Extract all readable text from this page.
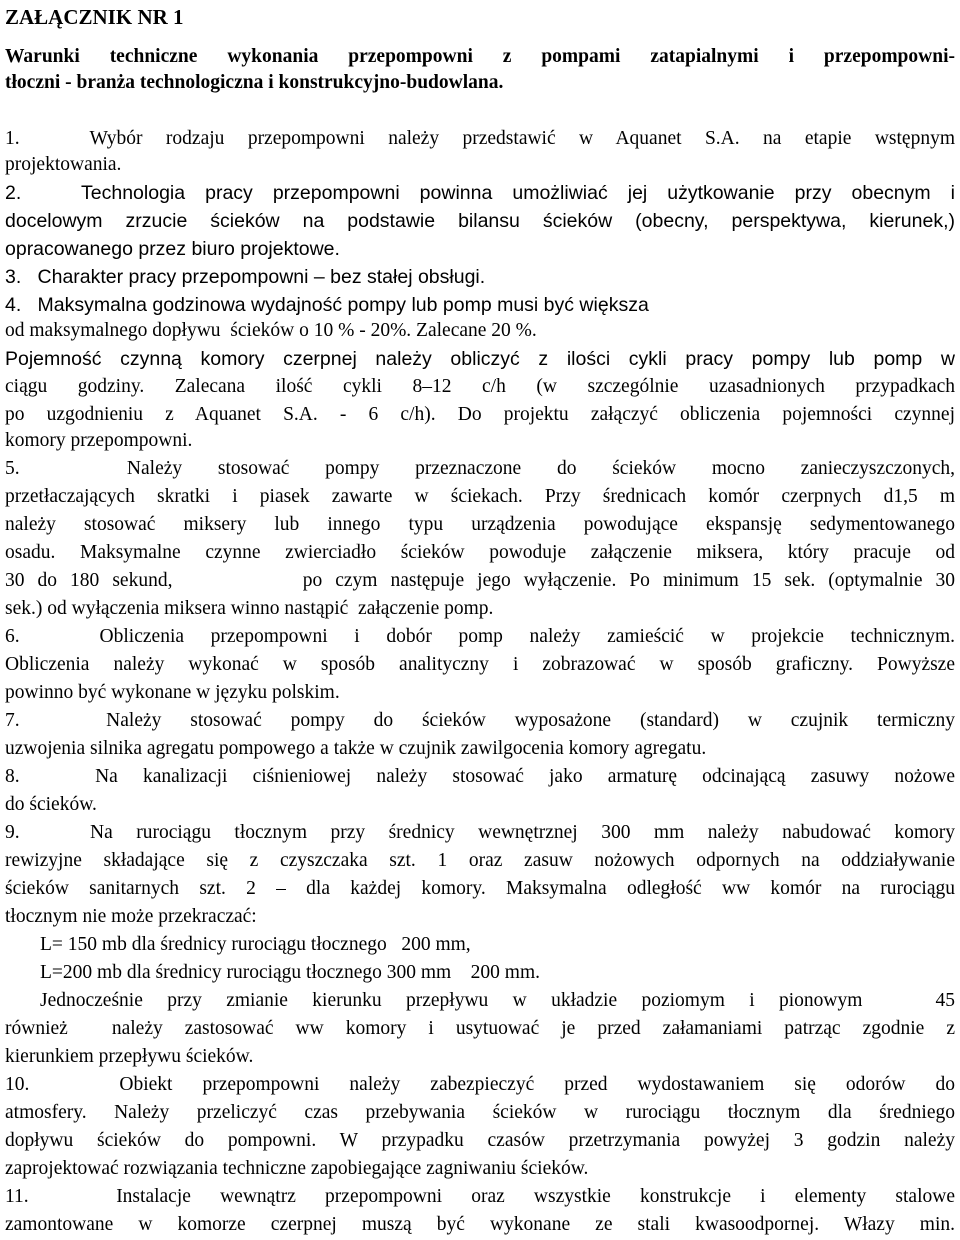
ZAŁĄCZNIK NR 1
Warunki techniczne wykonania przepompowni z pompami zatapialnymi i przepompowni-
tłoczni - branża technologiczna i konstrukcyjno-budowlana.
1.   Wybór rodzaju przepompowni należy przedstawić w Aquanet S.A. na etapie wstępnym
projektowania.
2.   Technologia pracy przepompowni powinna umożliwiać jej użytkowanie przy obecnym i
docelowym zrzucie ścieków na podstawie bilansu ścieków (obecny, perspektywa, kierunek,)
opracowanego przez biuro projektowe.
3.   Charakter pracy przepompowni – bez stałej obsługi.
4.   Maksymalna godzinowa wydajność pompy lub pomp musi być większa
od maksymalnego dopływu  ścieków o 10 % - 20%. Zalecane 20 %.
Pojemność czynną komory czerpnej należy obliczyć z ilości cykli pracy pompy lub pomp w
ciągu godziny. Zalecana ilość cykli 8–12 c/h (w szczególnie uzasadnionych przypadkach
po uzgodnieniu z Aquanet S.A. - 6 c/h). Do projektu załączyć obliczenia pojemności czynnej
komory przepompowni.
5.   Należy stosować pompy przeznaczone do ścieków mocno zanieczyszczonych,
przetłaczających skratki i piasek zawarte w ściekach. Przy średnicach komór czerpnych d1,5 m
należy stosować miksery lub innego typu urządzenia powodujące ekspansję sedymentowanego
osadu. Maksymalne czynne zwierciadło ścieków powoduje załączenie miksera, który pracuje od
30 do 180 sekund,          po czym następuje jego wyłączenie. Po minimum 15 sek. (optymalnie 30
sek.) od wyłączenia miksera winno nastąpić  załączenie pomp.
6.   Obliczenia przepompowni i dobór pomp należy zamieścić w projekcie technicznym.
Obliczenia należy wykonać w sposób analityczny i zobrazować w sposób graficzny. Powyższe
powinno być wykonane w języku polskim.
7.   Należy stosować pompy do ścieków wyposażone (standard) w czujnik termiczny
uzwojenia silnika agregatu pompowego a także w czujnik zawilgocenia komory agregatu.
8.   Na kanalizacji ciśnieniowej należy stosować jako armaturę odcinającą zasuwy nożowe
do ścieków.
9.   Na rurociągu tłocznym przy średnicy wewnętrznej 300 mm należy nabudować komory
rewizyjne składające się z czyszczaka szt. 1 oraz zasuw nożowych odpornych na oddziaływanie
ścieków sanitarnych szt. 2 – dla każdej komory. Maksymalna odległość ww komór na rurociągu
tłocznym nie może przekraczać:
L= 150 mb dla średnicy rurociągu tłocznego   200 mm,
L=200 mb dla średnicy rurociągu tłocznego 300 mm    200 mm.
Jednocześnie przy zmianie kierunku przepływu w układzie poziomym i pionowym   45
również  należy zastosować ww komory i usytuować je przed załamaniami patrząc zgodnie z
kierunkiem przepływu ścieków.
10.   Obiekt przepompowni należy zabezpieczyć przed wydostawaniem się odorów do
atmosfery. Należy przeliczyć czas przebywania ścieków w rurociągu tłocznym dla średniego
dopływu ścieków do pompowni. W przypadku czasów przetrzymania powyżej 3 godzin należy
zaprojektować rozwiązania techniczne zapobiegające zagniwaniu ścieków.
11.   Instalacje wewnątrz przepompowni oraz wszystkie konstrukcje i elementy stalowe
zamontowane w komorze czerpnej muszą być wykonane ze stali kwasoodpornej. Włazy min.
